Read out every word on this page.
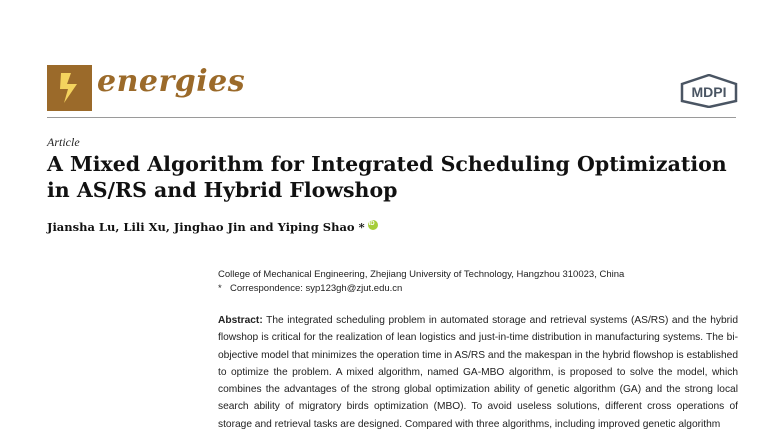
energies	MDPI
Article
A Mixed Algorithm for Integrated Scheduling Optimization in AS/RS and Hybrid Flowshop
Jiansha Lu, Lili Xu, Jinghao Jin and Yiping Shao *
iD
College of Mechanical Engineering, Zhejiang University of Technology, Hangzhou 310023, China
* Correspondence: syp123gh@zjut.edu.cn

Abstract: The integrated scheduling problem in automated storage and retrieval systems (AS/RS) and the hybrid flowshop is critical for the realization of lean logistics and just-in-time distribution in manufacturing systems. The bi-objective model that minimizes the operation time in AS/RS and the makespan in the hybrid flowshop is established to optimize the problem. A mixed algorithm, named GA-MBO algorithm, is proposed to solve the model, which combines the advantages of the strong global optimization ability of genetic algorithm (GA) and the strong local search ability of migratory birds optimization (MBO). To avoid useless solutions, different cross operations of storage and retrieval tasks are designed. Compared with three algorithms, including improved genetic algorithm
